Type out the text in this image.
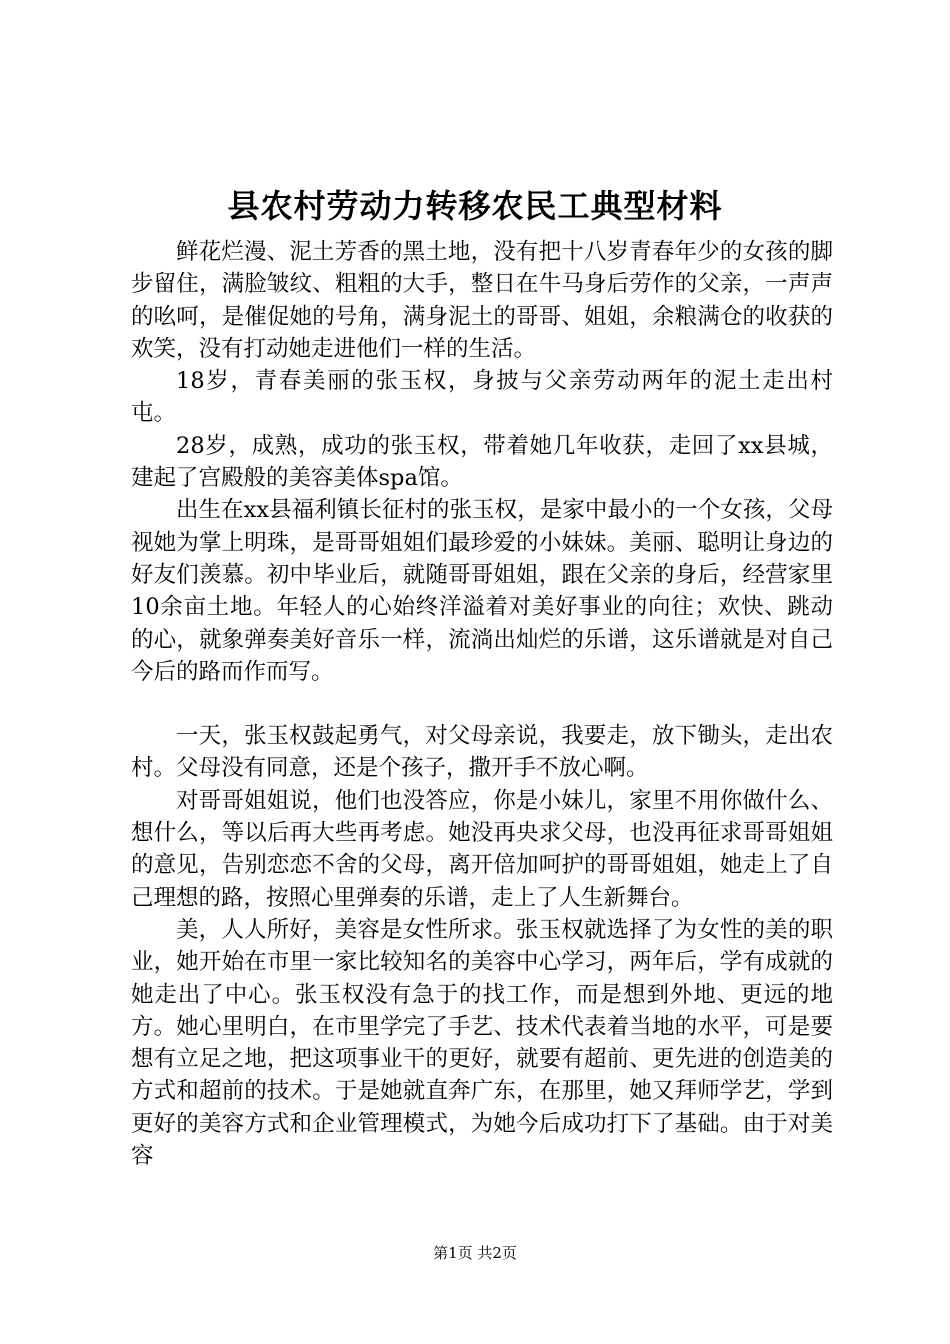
县农村劳动力转移农民工典型材料

鲜花烂漫、泥土芳香的黑土地，没有把十八岁青春年少的女孩的脚步留住，满脸皱纹、粗粗的大手，整日在牛马身后劳作的父亲，一声声的吆呵，是催促她的号角，满身泥土的哥哥、姐姐，余粮满仓的收获的欢笑，没有打动她走进他们一样的生活。

18岁，青春美丽的张玉权，身披与父亲劳动两年的泥土走出村屯。

28岁，成熟，成功的张玉权，带着她几年收获，走回了xx县城，建起了宫殿般的美容美体spa馆。

出生在xx县福利镇长征村的张玉权，是家中最小的一个女孩，父母视她为掌上明珠，是哥哥姐姐们最珍爱的小妹妹。美丽、聪明让身边的好友们羡慕。初中毕业后，就随哥哥姐姐，跟在父亲的身后，经营家里10余亩土地。年轻人的心始终洋溢着对美好事业的向往；欢快、跳动的心，就象弹奏美好音乐一样，流淌出灿烂的乐谱，这乐谱就是对自己今后的路而作而写。

一天，张玉权鼓起勇气，对父母亲说，我要走，放下锄头，走出农村。父母没有同意，还是个孩子，撒开手不放心啊。

对哥哥姐姐说，他们也没答应，你是小妹儿，家里不用你做什么、想什么，等以后再大些再考虑。她没再央求父母，也没再征求哥哥姐姐的意见，告别恋恋不舍的父母，离开倍加呵护的哥哥姐姐，她走上了自己理想的路，按照心里弹奏的乐谱，走上了人生新舞台。

美，人人所好，美容是女性所求。张玉权就选择了为女性的美的职业，她开始在市里一家比较知名的美容中心学习，两年后，学有成就的她走出了中心。张玉权没有急于的找工作，而是想到外地、更远的地方。她心里明白，在市里学完了手艺、技术代表着当地的水平，可是要想有立足之地，把这项事业干的更好，就要有超前、更先进的创造美的方式和超前的技术。于是她就直奔广东，在那里，她又拜师学艺，学到更好的美容方式和企业管理模式，为她今后成功打下了基础。由于对美容

第1页 共2页
